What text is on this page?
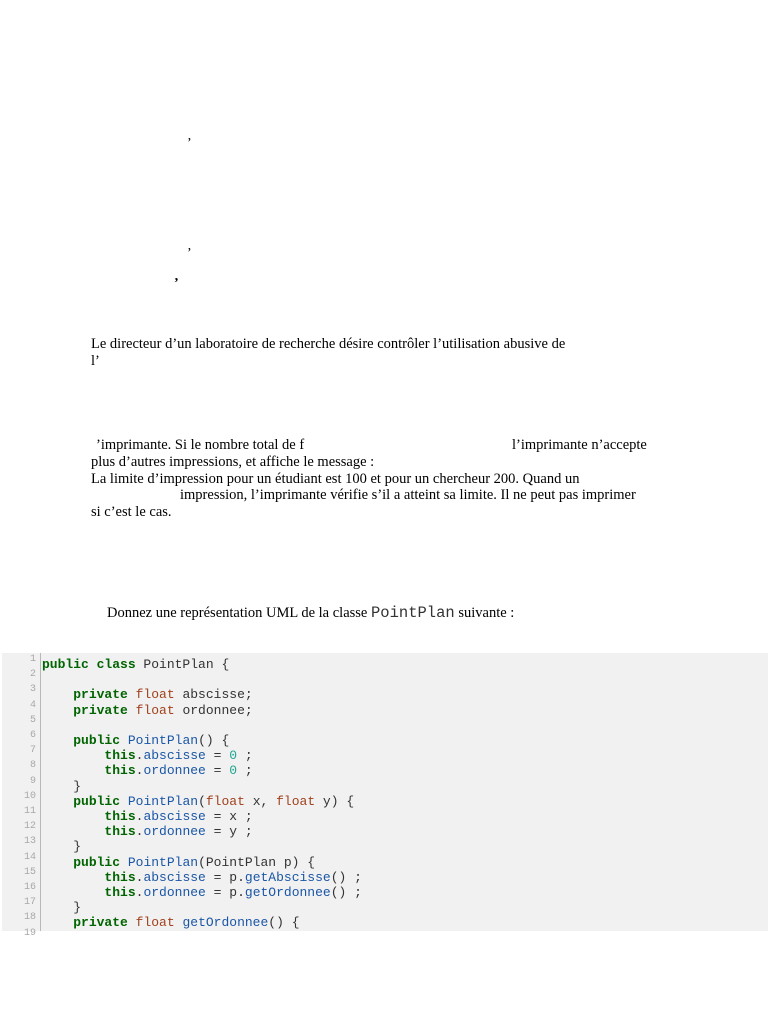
’
’
’
Le directeur d’un laboratoire de recherche désire contrôler l’utilisation abusive de
l’
’imprimante. Si le nombre total de f	l’imprimante n’accepte
plus d’autres impressions, et affiche le message :
La limite d’impression pour un étudiant est 100 et pour un chercheur 200. Quand un
impression, l’imprimante vérifie s’il a atteint sa limite. Il ne peut pas imprimer
si c’est le cas.
Donnez une représentation UML de la classe PointPlan suivante :
1
2
3
4
5
6
7
8
9
10
11
12
13
14
15
16
17
18
19
public class PointPlan {
private float abscisse;
private float ordonnee;
public PointPlan() {
this.abscisse = 0 ;
this.ordonnee = 0 ;
}
public PointPlan(float x, float y) {
this.abscisse = x ;
this.ordonnee = y ;
}
public PointPlan(PointPlan p) {
this.abscisse = p.getAbscisse() ;
this.ordonnee = p.getOrdonnee() ;
}
private float getOrdonnee() {
